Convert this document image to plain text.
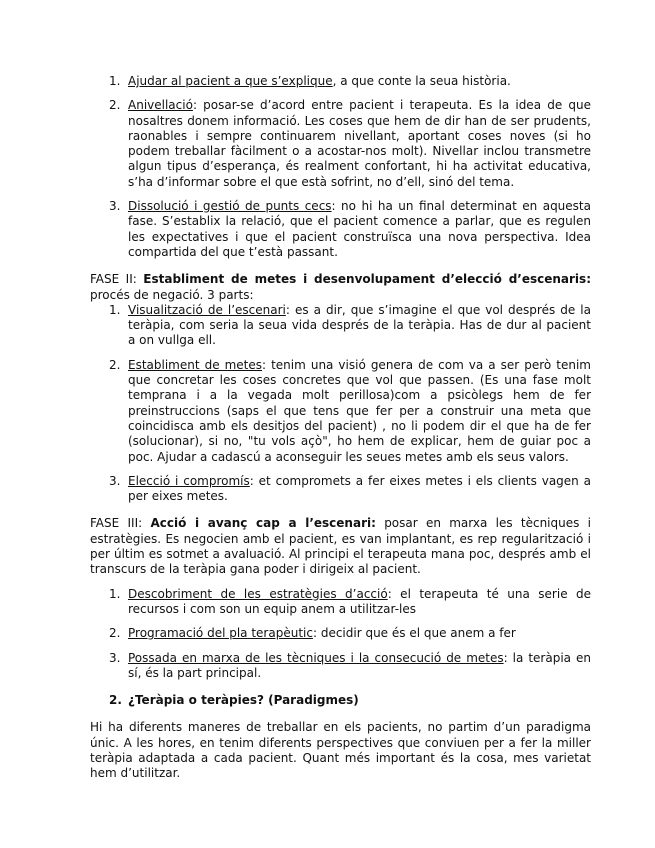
1. Ajudar al pacient a que s’explique, a que conte la seua història.
2. Anivellació: posar-se d’acord entre pacient i terapeuta. Es la idea de que nosaltres donem informació. Les coses que hem de dir han de ser prudents, raonables i sempre continuarem nivellant, aportant coses noves (si ho podem treballar fàcilment o a acostar-nos molt). Nivellar inclou transmetre algun tipus d’esperança, és realment confortant, hi ha activitat educativa, s’ha d’informar sobre el que està sofrint, no d’ell, sinó del tema.
3. Dissolució i gestió de punts cecs: no hi ha un final determinat en aquesta fase. S’establix la relació, que el pacient comence a parlar, que es regulen les expectatives i que el pacient construïsca una nova perspectiva. Idea compartida del que t’està passant.
FASE II: Establiment de metes i desenvolupament d’elecció d’escenaris: procés de negació. 3 parts:
1. Visualització de l’escenari: es a dir, que s’imagine el que vol després de la teràpia, com seria la seua vida després de la teràpia. Has de dur al pacient a on vullga ell.
2. Establiment de metes: tenim una visió genera de com va a ser però tenim que concretar les coses concretes que vol que passen. (Es una fase molt temprana i a la vegada molt perillosa)com a psicòlegs hem de fer preinstruccions (saps el que tens que fer per a construir una meta que coincidisca amb els desitjos del pacient) , no li podem dir el que ha de fer (solucionar), si no, "tu vols açò", ho hem de explicar, hem de guiar poc a poc. Ajudar a cadascú a aconseguir les seues metes amb els seus valors.
3. Elecció i compromís: et compromets a fer eixes metes i els clients vagen a per eixes metes.
FASE III: Acció i avanç cap a l’escenari: posar en marxa les tècniques i estratègies. Es negocien amb el pacient, es van implantant, es rep regularització i per últim es sotmet a avaluació. Al principi el terapeuta mana poc, després amb el transcurs de la teràpia gana poder i dirigeix al pacient.
1. Descobriment de les estratègies d’acció: el terapeuta té una serie de recursos i com son un equip anem a utilitzar-les
2. Programació del pla terapèutic: decidir que és el que anem a fer
3. Possada en marxa de les tècniques i la consecució de metes: la teràpia en sí, és la part principal.
2. ¿Teràpia o teràpies? (Paradigmes)
Hi ha diferents maneres de treballar en els pacients, no partim d’un paradigma únic. A les hores, en tenim diferents perspectives que conviuen per a fer la miller teràpia adaptada a cada pacient. Quant més important és la cosa, mes varietat hem d’utilitzar.
